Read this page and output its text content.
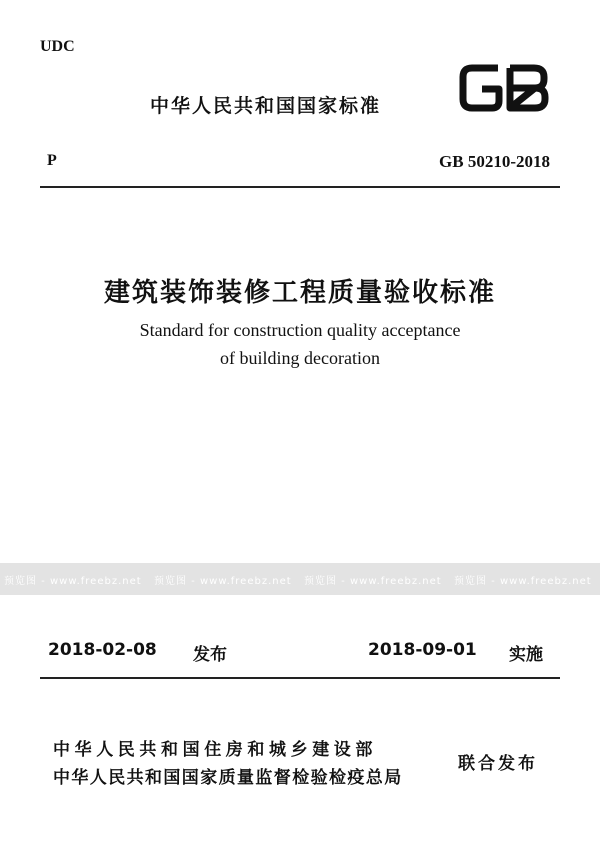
UDC
中华人民共和国国家标准
P	GB 50210-2018
建筑装饰装修工程质量验收标准
Standard for construction quality acceptance
of building decoration
预览图 - www.freebz.net 预览图 - www.freebz.net 预览图 - www.freebz.net 预览图 - www.freebz.net
2018-02-08 发布	2018-09-01 实施
中华人民共和国住房和城乡建设部
中华人民共和国国家质量监督检验检疫总局
联合发布
